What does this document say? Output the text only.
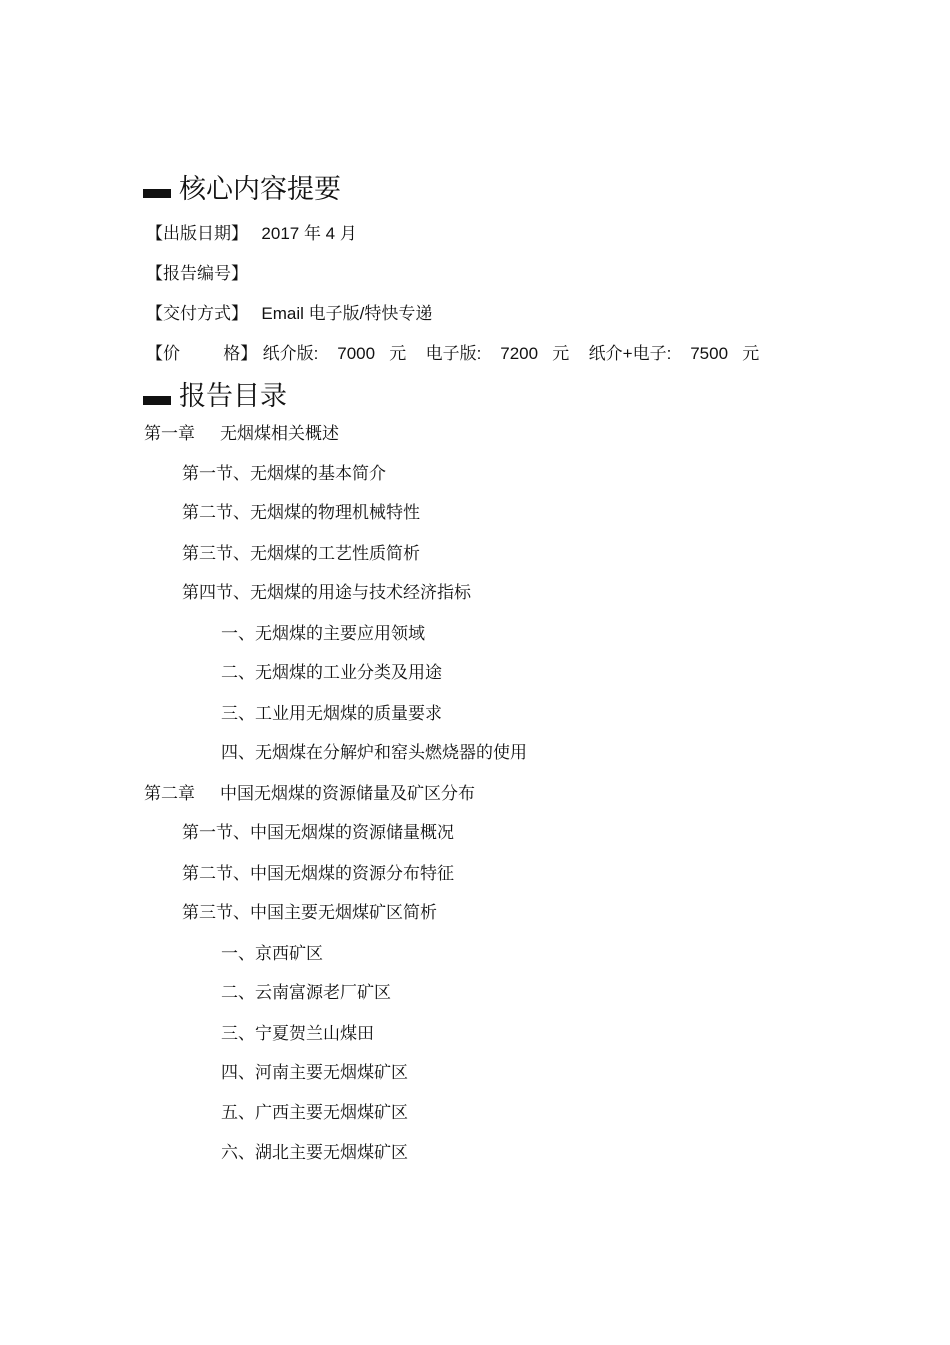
核心内容提要
【出版日期】 2017 年 4 月
【报告编号】
【交付方式】 Email 电子版/特快专递
【价        格】 纸介版:    7000   元 电子版:    7200   元 纸介+电子:    7500   元
报告目录
第一章 无烟煤相关概述
第一节、无烟煤的基本简介
第二节、无烟煤的物理机械特性
第三节、无烟煤的工艺性质简析
第四节、无烟煤的用途与技术经济指标
一、无烟煤的主要应用领域
二、无烟煤的工业分类及用途
三、工业用无烟煤的质量要求
四、无烟煤在分解炉和窑头燃烧器的使用
第二章 中国无烟煤的资源储量及矿区分布
第一节、中国无烟煤的资源储量概况
第二节、中国无烟煤的资源分布特征
第三节、中国主要无烟煤矿区简析
一、京西矿区
二、云南富源老厂矿区
三、宁夏贺兰山煤田
四、河南主要无烟煤矿区
五、广西主要无烟煤矿区
六、湖北主要无烟煤矿区
